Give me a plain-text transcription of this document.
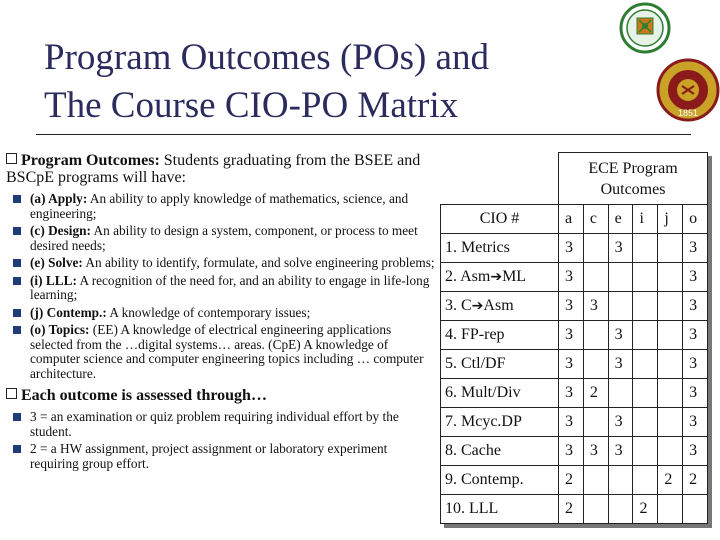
Program Outcomes (POs) and
The Course CIO-PO Matrix	1851
Program Outcomes: Students graduating from the BSEE and BSCpE programs will have:
(a) Apply: An ability to apply knowledge of mathematics, science, and engineering;
(c) Design: An ability to design a system, component, or process to meet desired needs;
(e) Solve: An ability to identify, formulate, and solve engineering problems;
(i) LLL: A recognition of the need for, and an ability to engage in life-long learning;
(j) Contemp.: A knowledge of contemporary issues;
(o) Topics: (EE) A knowledge of electrical engineering applications selected from the …digital systems… areas. (CpE) A knowledge of computer science and computer engineering topics including … computer architecture.
Each outcome is assessed through…
3 = an examination or quiz problem requiring individual effort by the student.
2 = a HW assignment, project assignment or laboratory experiment requiring group effort.
	ECE Program Outcomes					
CIO #	a	c	e	i	j	o
1. Metrics	3		3			3
2. Asm➔ML	3					3
3. C➔Asm	3	3				3
4. FP-rep	3		3			3
5. Ctl/DF	3		3			3
6. Mult/Div	3	2				3
7. Mcyc.DP	3		3			3
8. Cache	3	3	3			3
9. Contemp.	2				2	2
10. LLL	2			2		
